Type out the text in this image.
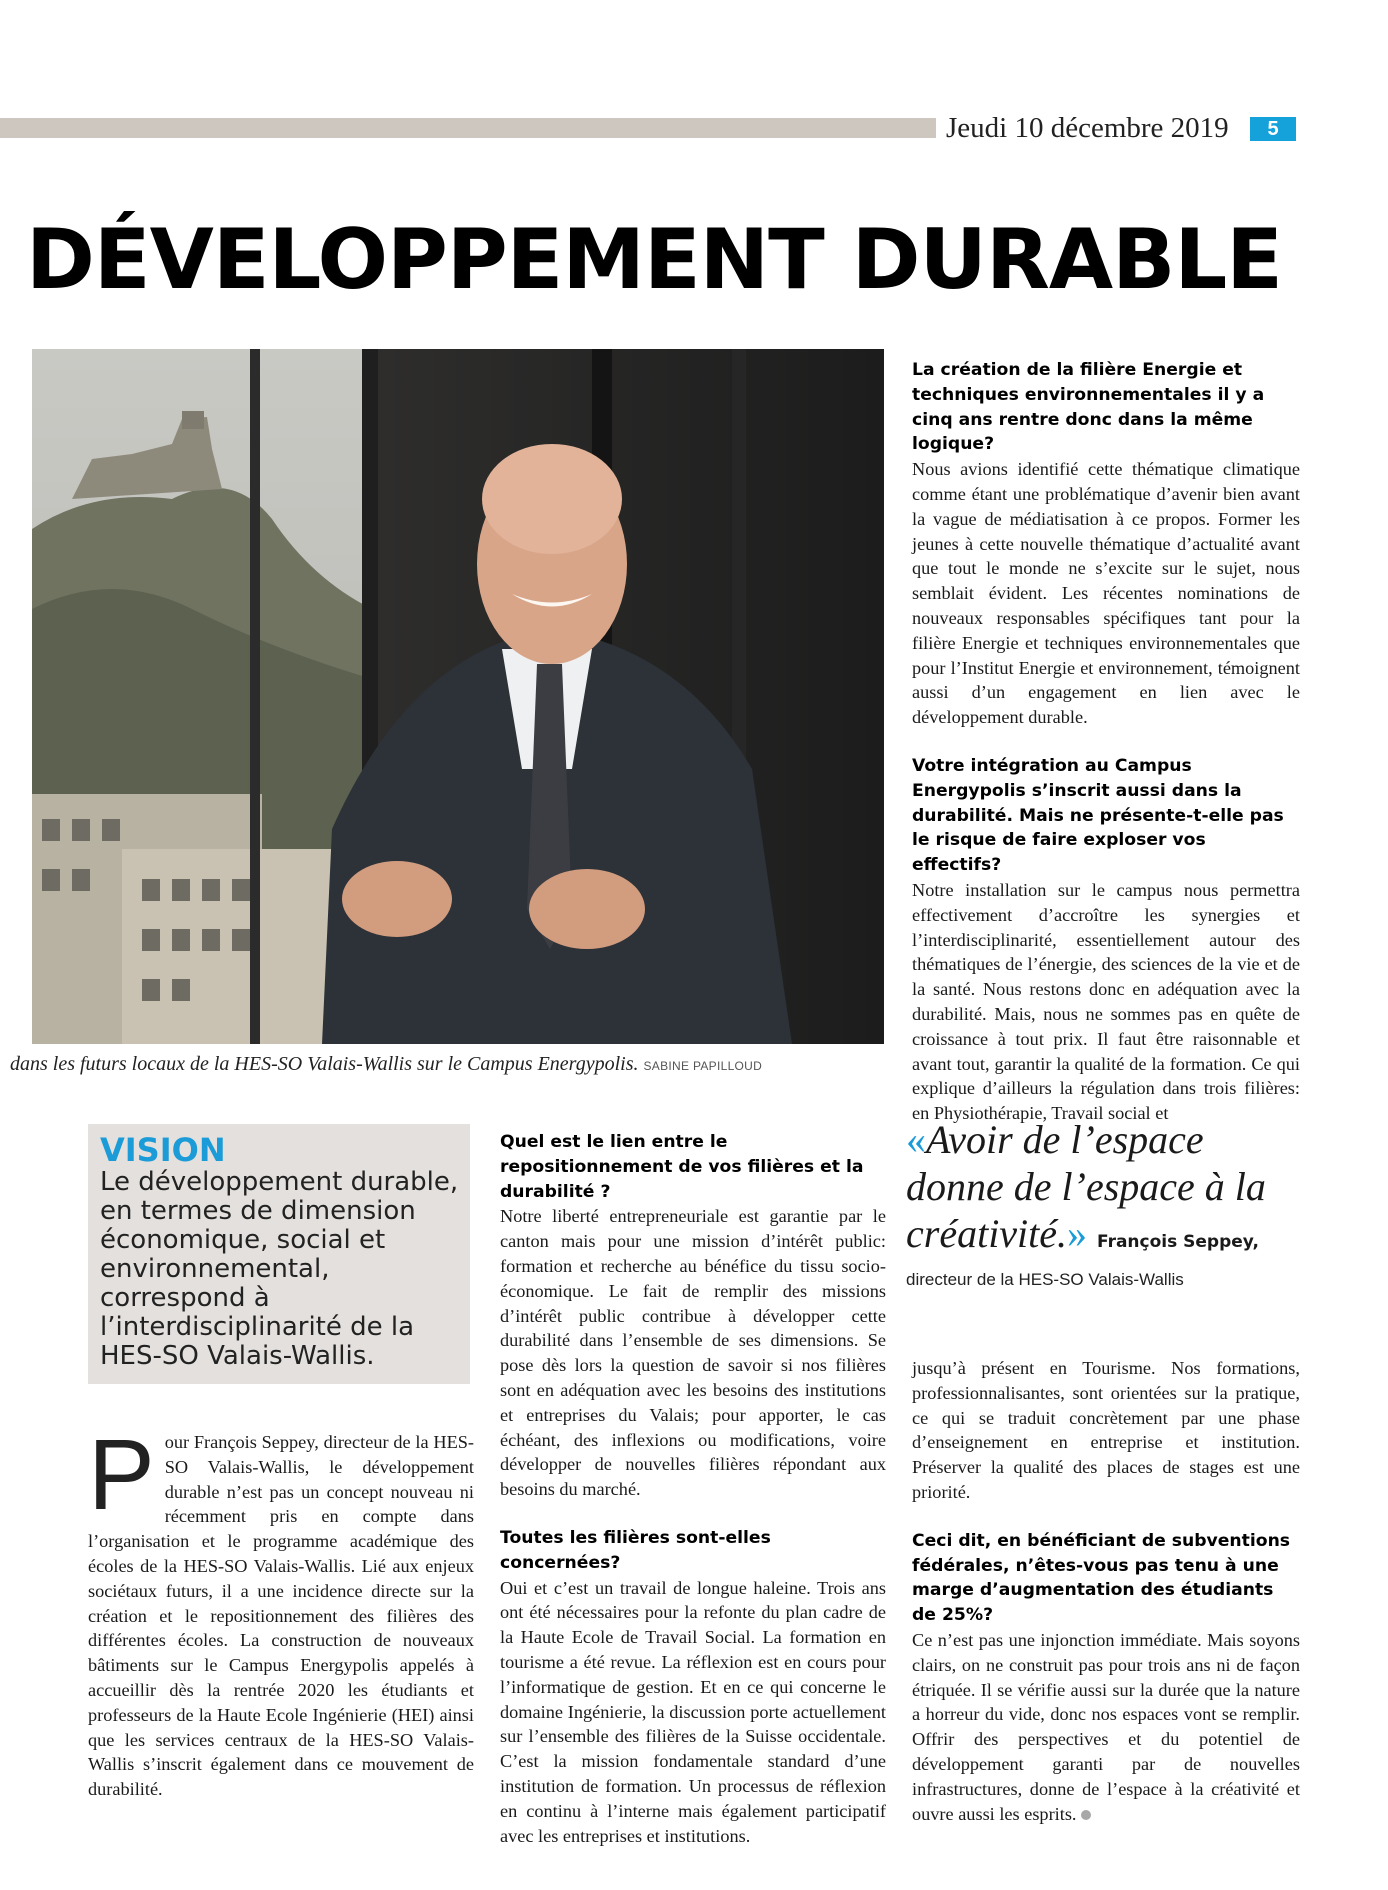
Jeudi 10 décembre 2019	5
DÉVELOPPEMENT DURABLE
dans les futurs locaux de la HES-SO Valais-Wallis sur le Campus Energypolis. SABINE PAPILLOUD
La création de la filière Energie et techniques environnementales il y a cinq ans rentre donc dans la même logique?

Nous avions identifié cette thématique climatique comme étant une problématique d’avenir bien avant la vague de médiatisation à ce propos. Former les jeunes à cette nouvelle thématique d’actualité avant que tout le monde ne s’excite sur le sujet, nous semblait évident. Les récentes nominations de nouveaux responsables spécifiques tant pour la filière Energie et techniques environnementales que pour l’Institut Energie et environnement, témoignent aussi d’un engagement en lien avec le développement durable.

Votre intégration au Campus Energypolis s’inscrit aussi dans la durabilité. Mais ne présente-t-elle pas le risque de faire exploser vos effectifs?

Notre installation sur le campus nous permettra effectivement d’accroître les synergies et l’interdisciplinarité, essentiellement autour des thématiques de l’énergie, des sciences de la vie et de la santé. Nous restons donc en adéquation avec la durabilité. Mais, nous ne sommes pas en quête de croissance à tout prix. Il faut être raisonnable et avant tout, garantir la qualité de la formation. Ce qui explique d’ailleurs la régulation dans trois filières: en Physiothérapie, Travail social et

VISION
Le développement durable, en termes de dimension économique, social et environnemental, correspond à l’interdisciplinarité de la HES-SO Valais-Wallis.
P our François Seppey, directeur de la HES-SO Valais-Wallis, le développement durable n’est pas un concept nouveau ni récemment pris en compte dans l’organisation et le programme académique des écoles de la HES-SO Valais-Wallis. Lié aux enjeux sociétaux futurs, il a une incidence directe sur la création et le repositionnement des filières des différentes écoles. La construction de nouveaux bâtiments sur le Campus Energypolis appelés à accueillir dès la rentrée 2020 les étudiants et professeurs de la Haute Ecole Ingénierie (HEI) ainsi que les services centraux de la HES-SO Valais-Wallis s’inscrit également dans ce mouvement de durabilité.
Quel est le lien entre le repositionnement de vos filières et la durabilité ?

Notre liberté entrepreneuriale est garantie par le canton mais pour une mission d’intérêt public: formation et recherche au bénéfice du tissu socio-économique. Le fait de remplir des missions d’intérêt public contribue à développer cette durabilité dans l’ensemble de ses dimensions. Se pose dès lors la question de savoir si nos filières sont en adéquation avec les besoins des institutions et entreprises du Valais; pour apporter, le cas échéant, des inflexions ou modifications, voire développer de nouvelles filières répondant aux besoins du marché.

Toutes les filières sont-elles concernées?

Oui et c’est un travail de longue haleine. Trois ans ont été nécessaires pour la refonte du plan cadre de la Haute Ecole de Travail Social. La formation en tourisme a été revue. La réflexion est en cours pour l’informatique de gestion. Et en ce qui concerne le domaine Ingénierie, la discussion porte actuellement sur l’ensemble des filières de la Suisse occidentale. C’est la mission fondamentale standard d’une institution de formation. Un processus de réflexion en continu à l’interne mais également participatif avec les entreprises et institutions.

«Avoir de l’espace donne de l’espace à la créativité.» François Seppey,
directeur de la HES-SO Valais-Wallis

jusqu’à présent en Tourisme. Nos formations, professionnalisantes, sont orientées sur la pratique, ce qui se traduit concrètement par une phase d’enseignement en entreprise et institution. Préserver la qualité des places de stages est une priorité.

Ceci dit, en bénéficiant de subventions fédérales, n’êtes-vous pas tenu à une marge d’augmentation des étudiants de 25%?

Ce n’est pas une injonction immédiate. Mais soyons clairs, on ne construit pas pour trois ans ni de façon étriquée. Il se vérifie aussi sur la durée que la nature a horreur du vide, donc nos espaces vont se remplir. Offrir des perspectives et du potentiel de développement garanti par de nouvelles infrastructures, donne de l’espace à la créativité et ouvre aussi les esprits.
